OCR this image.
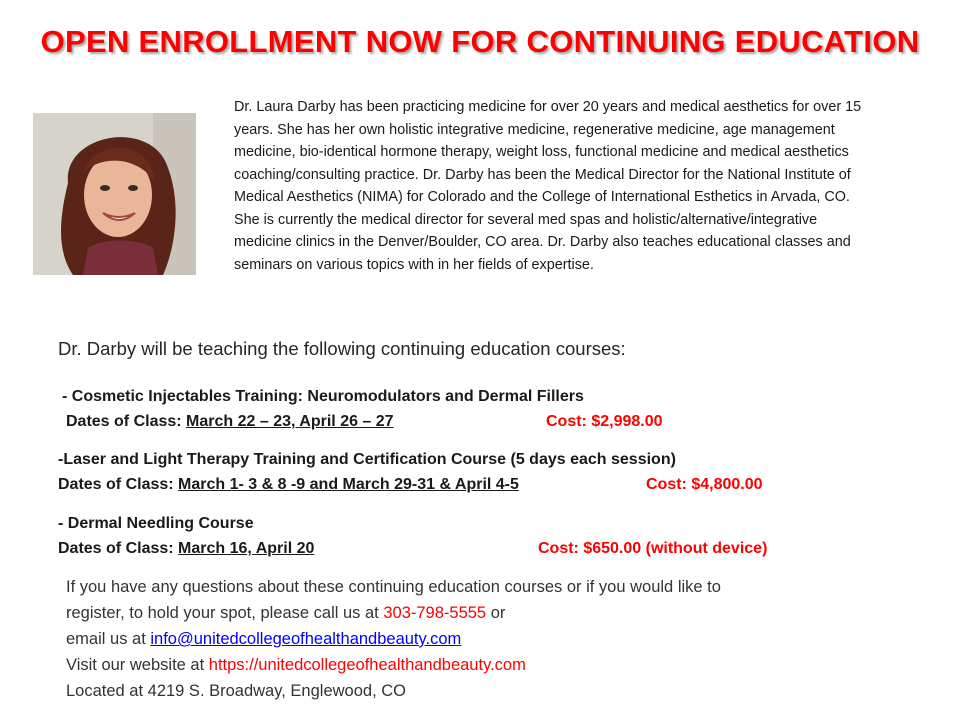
OPEN ENROLLMENT NOW FOR CONTINUING EDUCATION
Dr. Laura Darby has been practicing medicine for over 20 years and medical aesthetics for over 15 years. She has her own holistic integrative medicine, regenerative medicine, age management medicine, bio-identical hormone therapy, weight loss, functional medicine and medical aesthetics coaching/consulting practice. Dr. Darby has been the Medical Director for the National Institute of Medical Aesthetics (NIMA) for Colorado and the College of International Esthetics in Arvada, CO. She is currently the medical director for several med spas and holistic/alternative/integrative medicine clinics in the Denver/Boulder, CO area. Dr. Darby also teaches educational classes and seminars on various topics with in her fields of expertise.
Dr. Darby will be teaching the following continuing education courses:
- Cosmetic Injectables Training: Neuromodulators and Dermal Fillers
Dates of Class: March 22 – 23, April 26 – 27	Cost: $2,998.00
-Laser and Light Therapy Training and Certification Course (5 days each session)
Dates of Class: March 1- 3 & 8 -9 and March 29-31 & April 4-5	Cost: $4,800.00
- Dermal Needling Course
Dates of Class: March 16, April 20	Cost: $650.00 (without device)
If you have any questions about these continuing education courses or if you would like to
register, to hold your spot, please call us at 303-798-5555 or
email us at info@unitedcollegeofhealthandbeauty.com
Visit our website at https://unitedcollegeofhealthandbeauty.com
Located at 4219 S. Broadway, Englewood, CO
